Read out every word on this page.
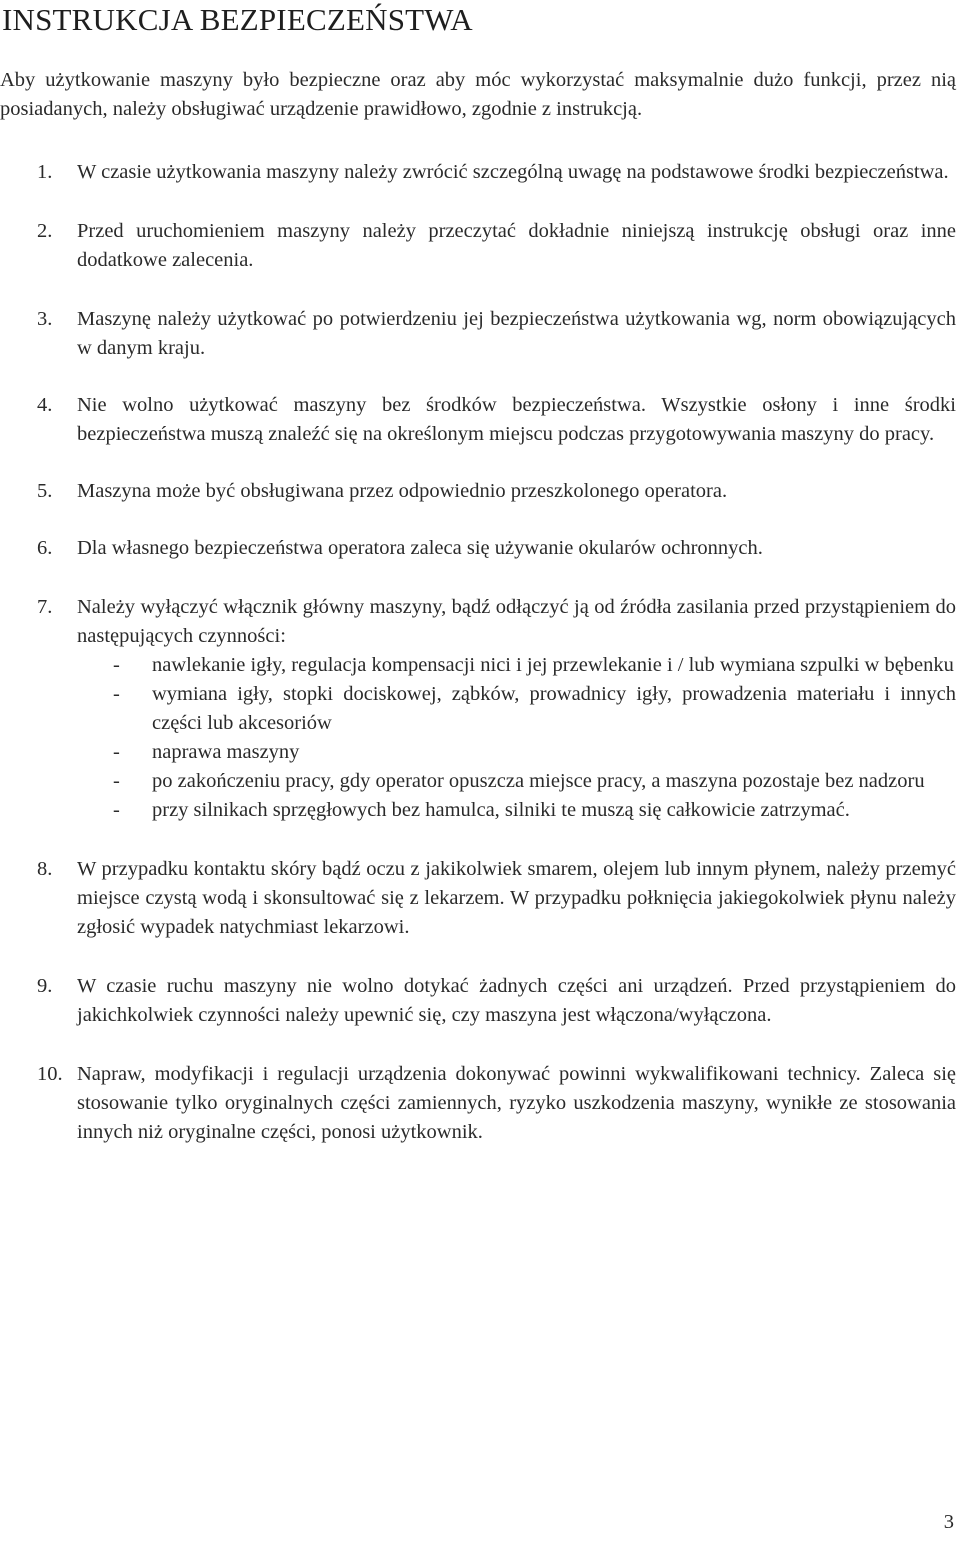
INSTRUKCJA BEZPIECZEŃSTWA

Aby użytkowanie maszyny było bezpieczne oraz aby móc wykorzystać maksymalnie dużo funkcji, przez nią posiadanych, należy obsługiwać urządzenie prawidłowo, zgodnie z instrukcją.

1.	W czasie użytkowania maszyny należy zwrócić szczególną uwagę na podstawowe środki bezpieczeństwa.
2.	Przed uruchomieniem maszyny należy przeczytać dokładnie niniejszą instrukcję obsługi oraz inne dodatkowe zalecenia.
3.	Maszynę należy użytkować po potwierdzeniu jej bezpieczeństwa użytkowania wg, norm obowiązujących w danym kraju.
4.	Nie wolno użytkować maszyny bez środków bezpieczeństwa. Wszystkie osłony i inne środki bezpieczeństwa muszą znaleźć się na określonym miejscu podczas przygotowywania maszyny do pracy.
5.	Maszyna może być obsługiwana przez odpowiednio przeszkolonego operatora.
6.	Dla własnego bezpieczeństwa operatora zaleca się używanie okularów ochronnych.
7.	Należy wyłączyć włącznik główny maszyny, bądź odłączyć ją od źródła zasilania przed przystąpieniem do następujących czynności:
- nawlekanie igły, regulacja kompensacji nici i jej przewlekanie i / lub wymiana szpulki w bębenku
- wymiana igły, stopki dociskowej, ząbków, prowadnicy igły, prowadzenia materiału i innych części lub akcesoriów
- naprawa maszyny
- po zakończeniu pracy, gdy operator opuszcza miejsce pracy, a maszyna pozostaje bez nadzoru
- przy silnikach sprzęgłowych bez hamulca, silniki te muszą się całkowicie zatrzymać.
8.	W przypadku kontaktu skóry bądź oczu z jakikolwiek smarem, olejem lub innym płynem, należy przemyć miejsce czystą wodą i skonsultować się z lekarzem. W przypadku połknięcia jakiegokolwiek płynu należy zgłosić wypadek natychmiast lekarzowi.
9.	W czasie ruchu maszyny nie wolno dotykać żadnych części ani urządzeń. Przed przystąpieniem do jakichkolwiek czynności należy upewnić się, czy maszyna jest włączona/wyłączona.
10. Napraw, modyfikacji i regulacji urządzenia dokonywać powinni wykwalifikowani technicy. Zaleca się stosowanie tylko oryginalnych części zamiennych, ryzyko uszkodzenia maszyny, wynikłe ze stosowania innych niż oryginalne części, ponosi użytkownik.
3
